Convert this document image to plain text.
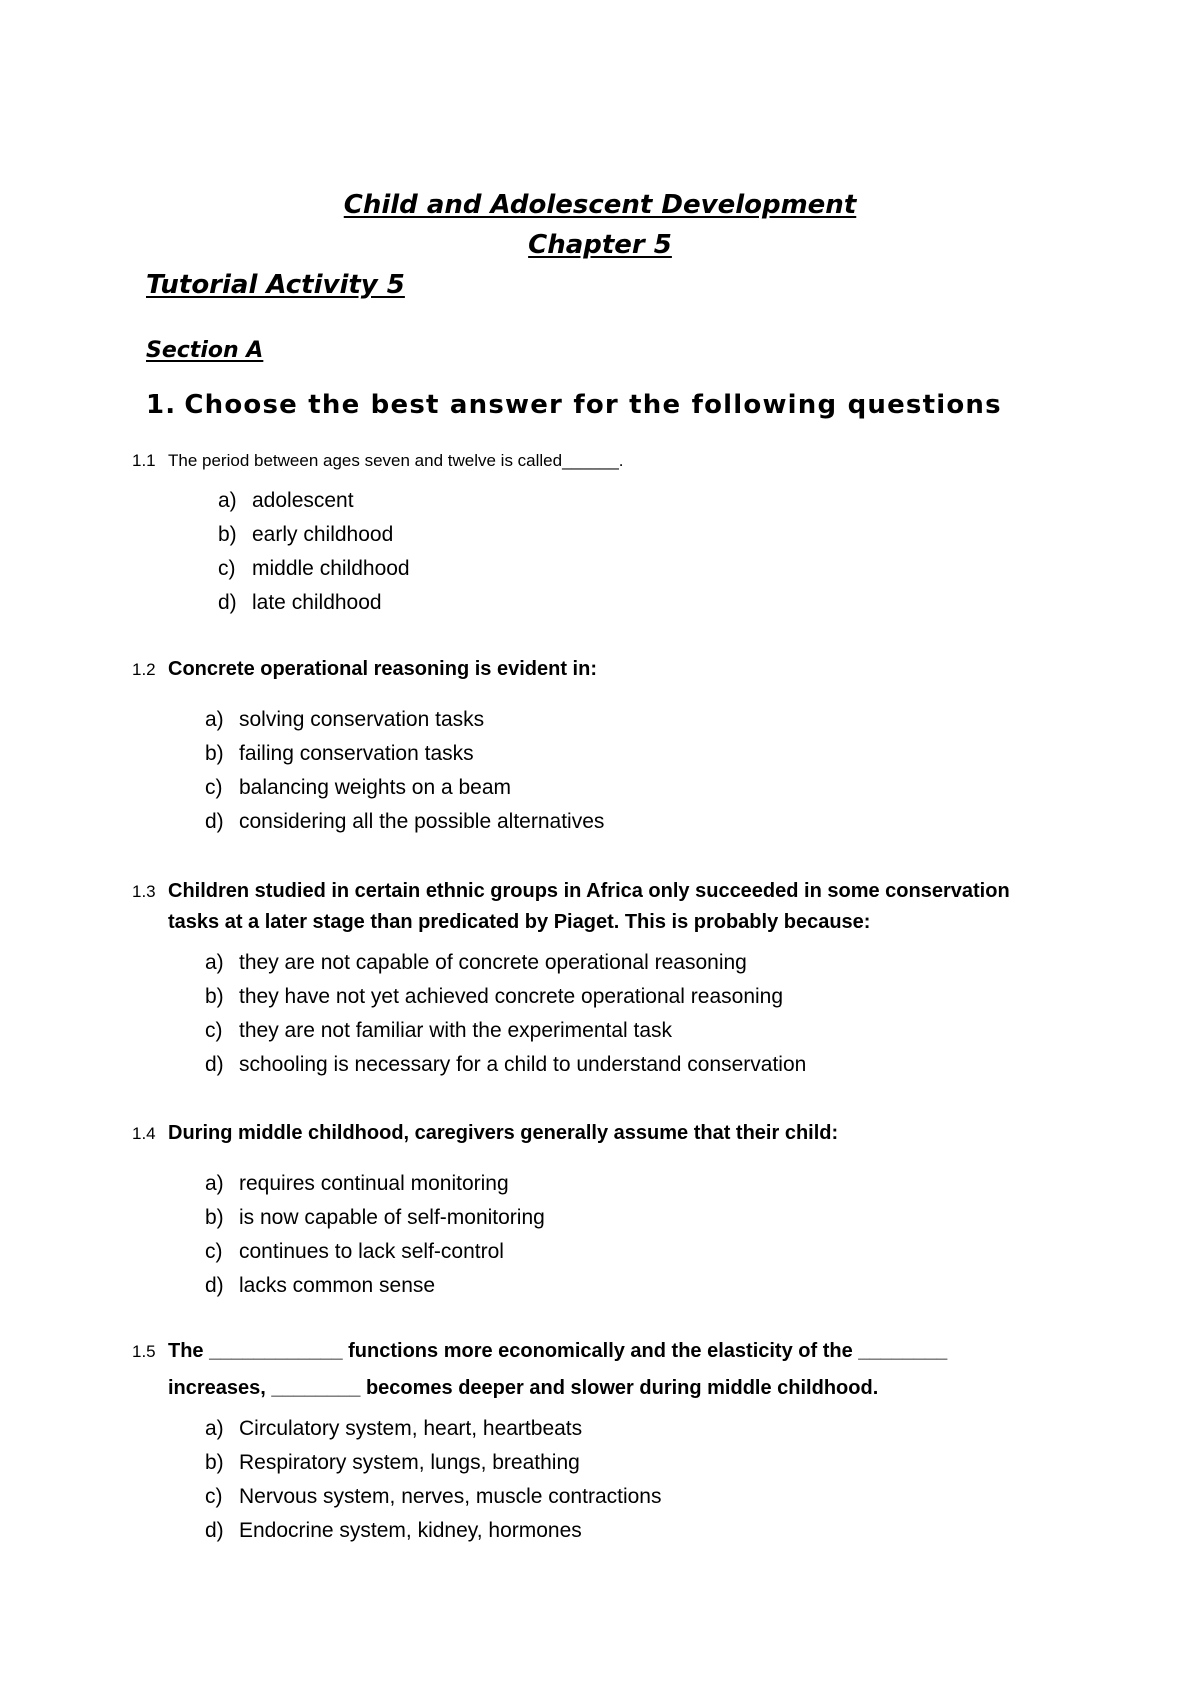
Child and Adolescent Development
Chapter 5
Tutorial Activity 5
Section A
1. Choose the best answer for the following questions
1.1 The period between ages seven and twelve is called______.
a) adolescent
b) early childhood
c) middle childhood
d) late childhood
1.2 Concrete operational reasoning is evident in:
a) solving conservation tasks
b) failing conservation tasks
c) balancing weights on a beam
d) considering all the possible alternatives
1.3 Children studied in certain ethnic groups in Africa only succeeded in some conservation
tasks at a later stage than predicated by Piaget. This is probably because:
a) they are not capable of concrete operational reasoning
b) they have not yet achieved concrete operational reasoning
c) they are not familiar with the experimental task
d) schooling is necessary for a child to understand conservation
1.4 During middle childhood, caregivers generally assume that their child:
a) requires continual monitoring
b) is now capable of self-monitoring
c) continues to lack self-control
d) lacks common sense
1.5 The ____________ functions more economically and the elasticity of the ________
increases, ________ becomes deeper and slower during middle childhood.
a) Circulatory system, heart, heartbeats
b) Respiratory system, lungs, breathing
c) Nervous system, nerves, muscle contractions
d) Endocrine system, kidney, hormones
